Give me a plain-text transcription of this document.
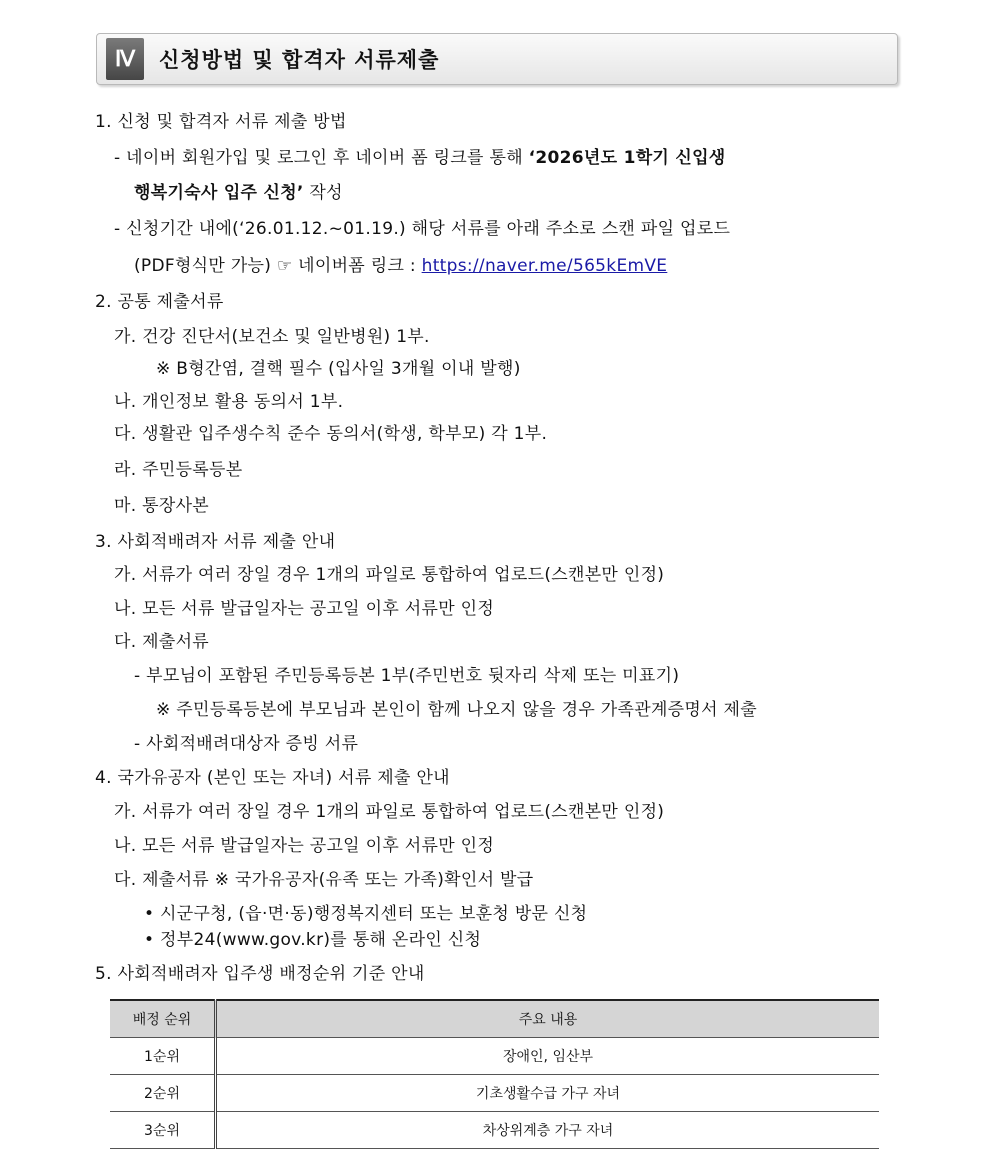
Ⅳ	신청방법 및 합격자 서류제출
1. 신청 및 합격자 서류 제출 방법
- 네이버 회원가입 및 로그인 후 네이버 폼 링크를 통해 ‘2026년도 1학기 신입생
행복기숙사 입주 신청’ 작성
- 신청기간 내에(‘26.01.12.~01.19.) 해당 서류를 아래 주소로 스캔 파일 업로드
(PDF형식만 가능) ☞ 네이버폼 링크 : https://naver.me/565kEmVE
2. 공통 제출서류
가. 건강 진단서(보건소 및 일반병원) 1부.
※ B형간염, 결핵 필수 (입사일 3개월 이내 발행)
나. 개인정보 활용 동의서 1부.
다. 생활관 입주생수칙 준수 동의서(학생, 학부모) 각 1부.
라. 주민등록등본
마. 통장사본
3. 사회적배려자 서류 제출 안내
가. 서류가 여러 장일 경우 1개의 파일로 통합하여 업로드(스캔본만 인정)
나. 모든 서류 발급일자는 공고일 이후 서류만 인정
다. 제출서류
- 부모님이 포함된 주민등록등본 1부(주민번호 뒷자리 삭제 또는 미표기)
※ 주민등록등본에 부모님과 본인이 함께 나오지 않을 경우 가족관계증명서 제출
- 사회적배려대상자 증빙 서류
4. 국가유공자 (본인 또는 자녀) 서류 제출 안내
가. 서류가 여러 장일 경우 1개의 파일로 통합하여 업로드(스캔본만 인정)
나. 모든 서류 발급일자는 공고일 이후 서류만 인정
다. 제출서류 ※ 국가유공자(유족 또는 가족)확인서 발급
• 시군구청, (읍·면·동)행정복지센터 또는 보훈청 방문 신청
• 정부24(www.gov.kr)를 통해 온라인 신청
5. 사회적배려자 입주생 배정순위 기준 안내
배정 순위	주요 내용
1순위	장애인, 임산부
2순위	기초생활수급 가구 자녀
3순위	차상위계층 가구 자녀
